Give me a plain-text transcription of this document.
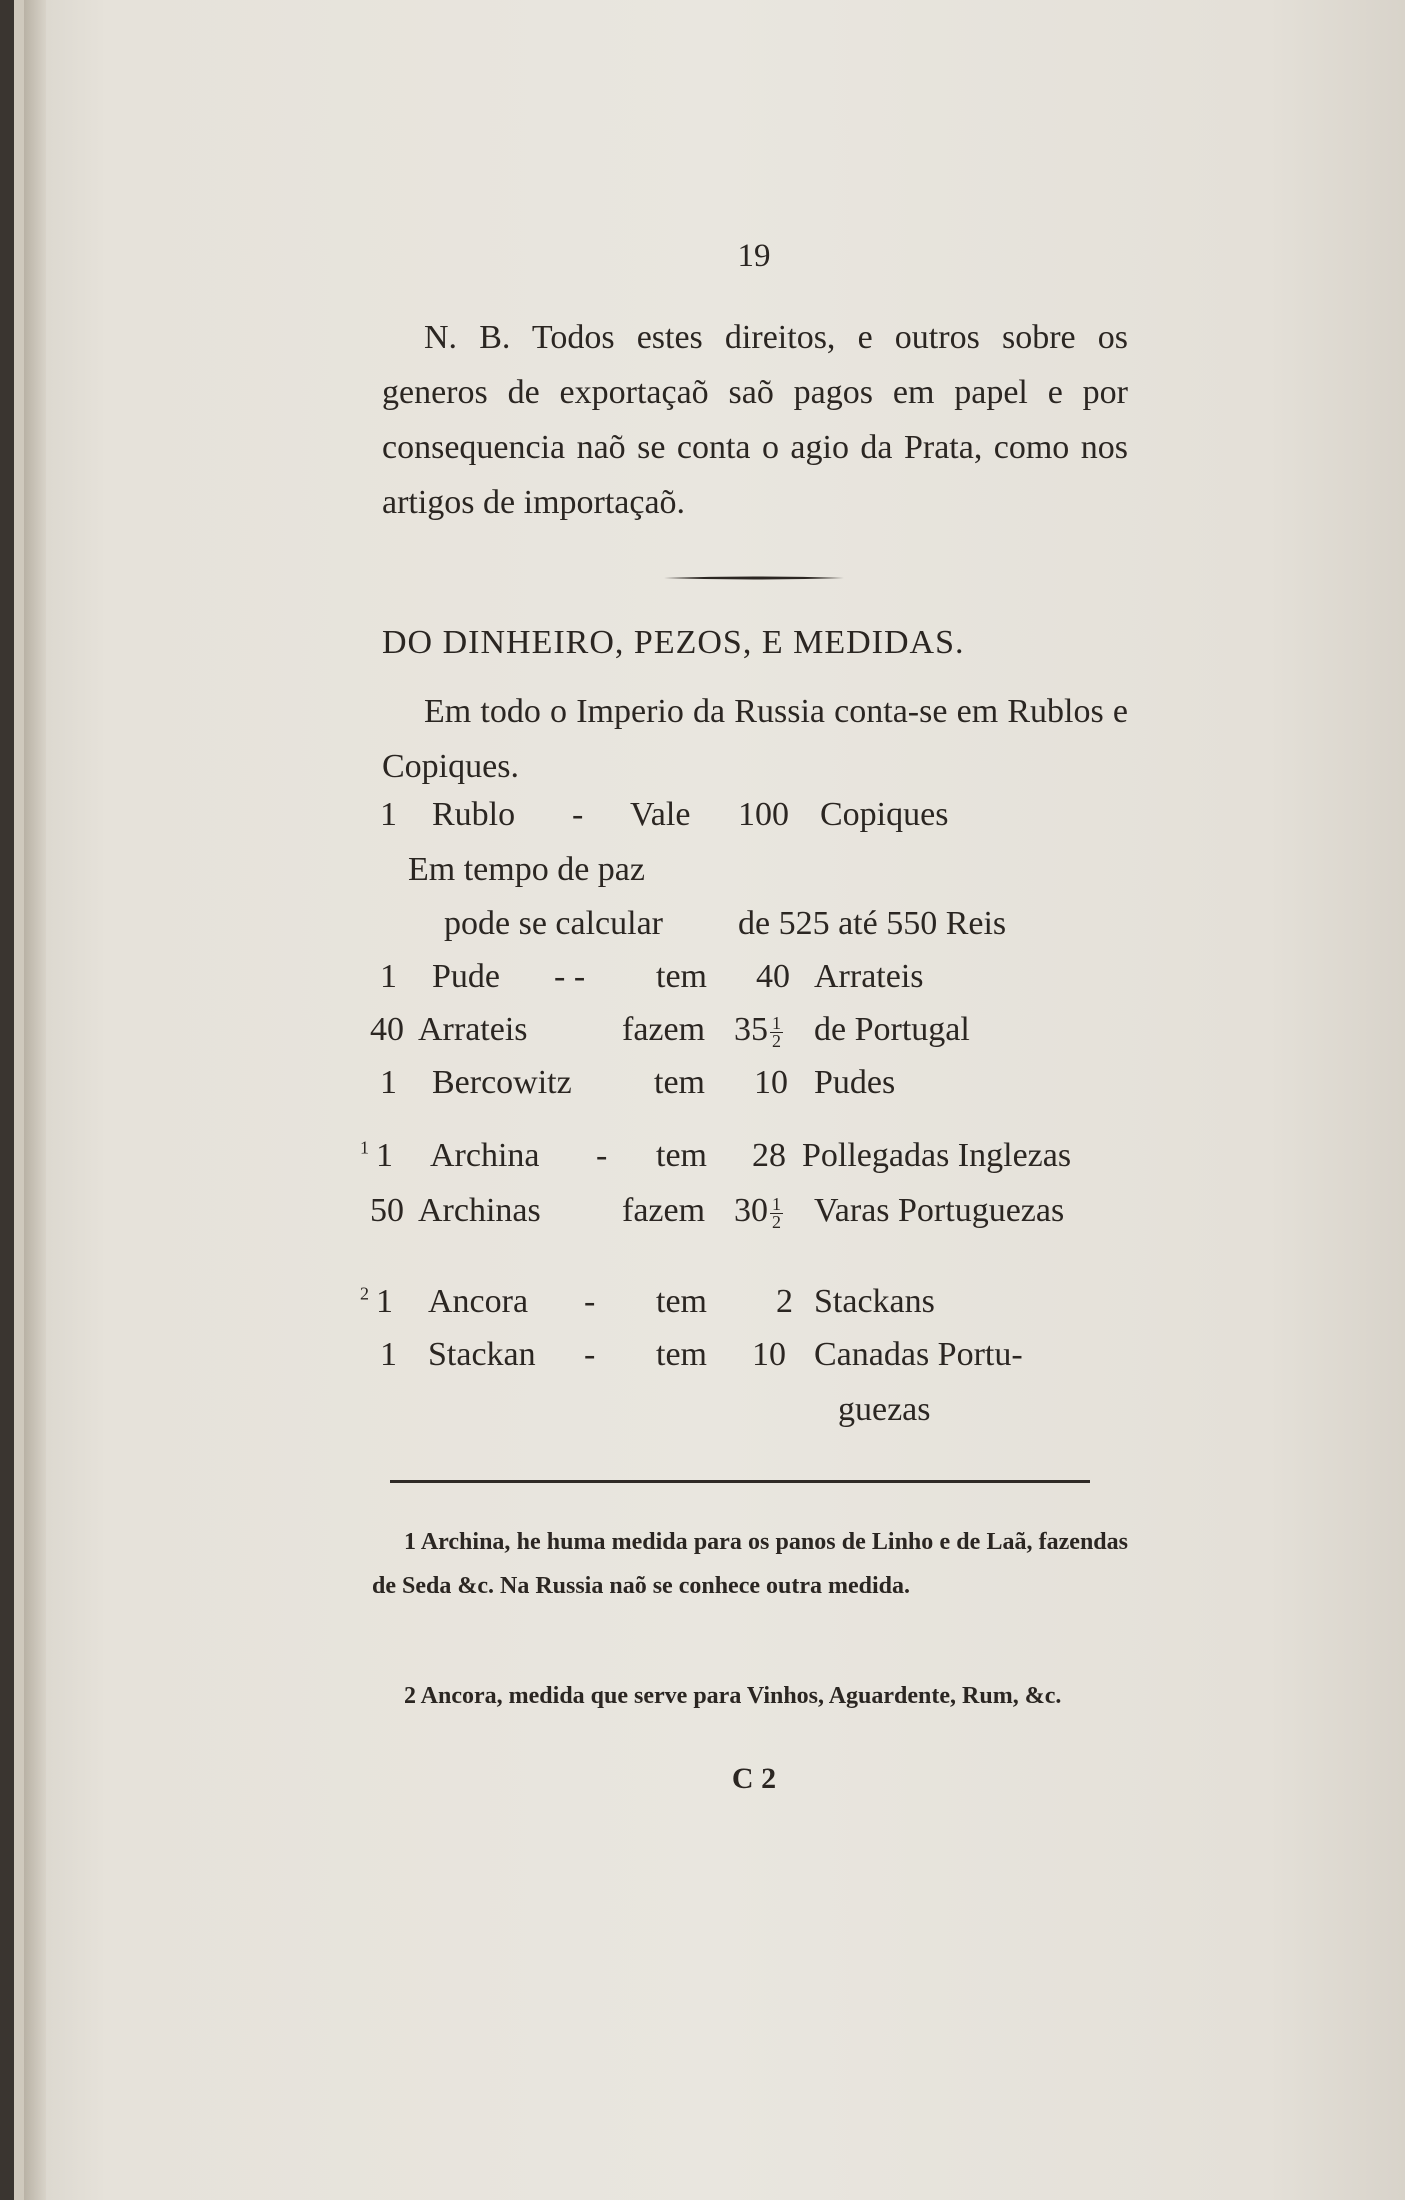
19
N. B. Todos estes direitos, e outros sobre os generos de exportaçaõ saõ pagos em papel e por consequencia naõ se conta o agio da Prata, como nos artigos de importaçaõ.
DO DINHEIRO, PEZOS, E MEDIDAS.
Em todo o Imperio da Russia conta-se em Rublos e Copiques.
1 Rublo - Vale 100 Copiques
Em tempo de paz
pode se calcular de 525 até 550 Reis
1 Pude - - tem 40 Arrateis
40 Arrateis	fazem $35 \frac{1}{2}$ de Portugal
1 Bercowitz tem 10 Pudes
$^1$ 1 Archina - tem 28 Pollegadas Inglezas
50 Archinas fazem $30 \frac{1}{2}$ Varas Portuguezas
$^2$ 1 Ancora - tem 2 Stackans
1 Stackan - tem 10 Canadas Portu-
guezas
1 Archina, he huma medida para os panos de Linho e de Laã, fazendas de Seda &c. Na Russia naõ se conhece outra medida.
2 Ancora, medida que serve para Vinhos, Aguardente, Rum, &c.
C 2
